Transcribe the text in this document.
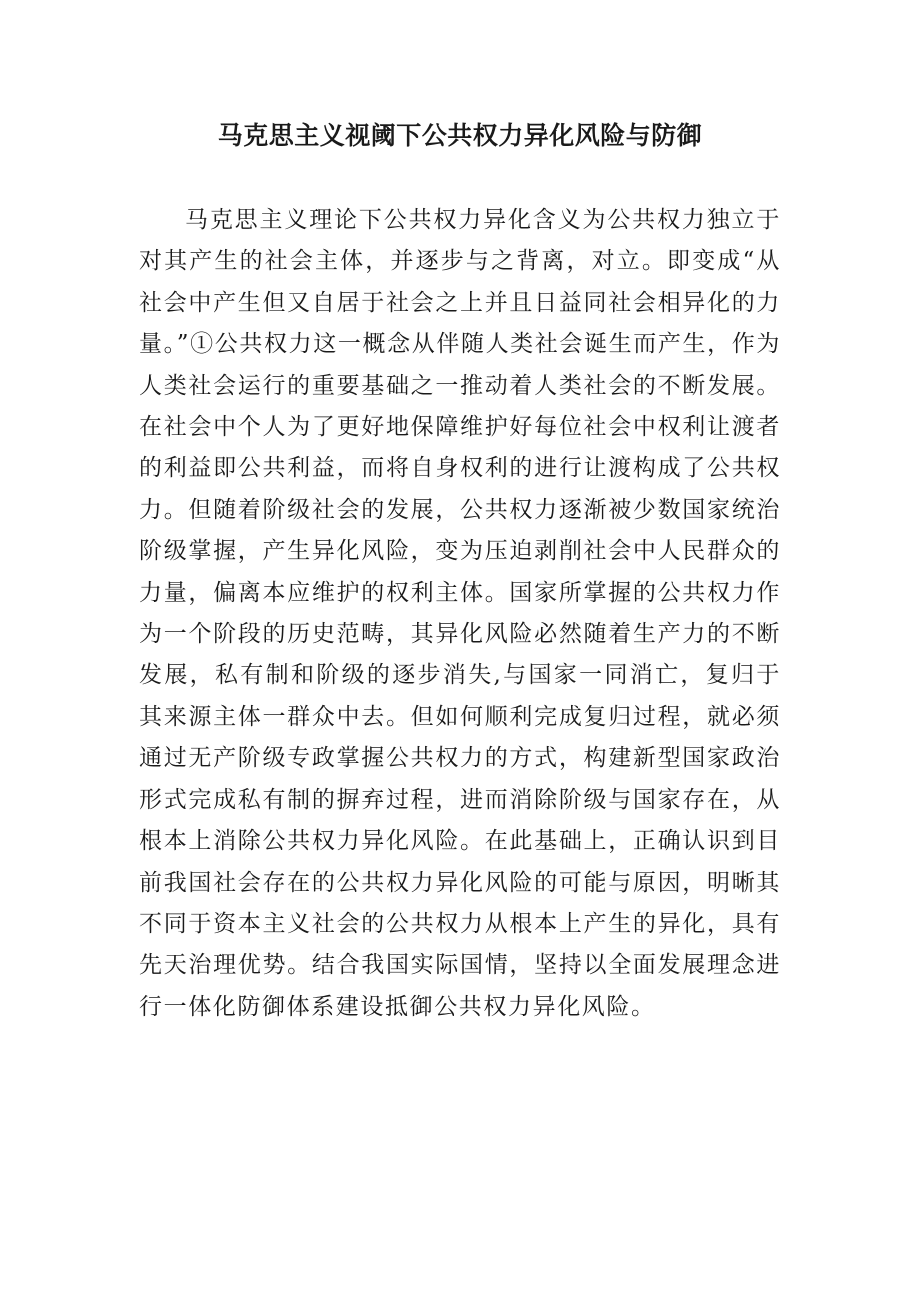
马克思主义视阈下公共权力异化风险与防御

马克思主义理论下公共权力异化含义为公共权力独立于对其产生的社会主体，并逐步与之背离，对立。即变成“从社会中产生但又自居于社会之上并且日益同社会相异化的力量。”①公共权力这一概念从伴随人类社会诞生而产生，作为人类社会运行的重要基础之一推动着人类社会的不断发展。在社会中个人为了更好地保障维护好每位社会中权利让渡者的利益即公共利益，而将自身权利的进行让渡构成了公共权力。但随着阶级社会的发展，公共权力逐渐被少数国家统治阶级掌握，产生异化风险，变为压迫剥削社会中人民群众的力量，偏离本应维护的权利主体。国家所掌握的公共权力作为一个阶段的历史范畴，其异化风险必然随着生产力的不断发展，私有制和阶级的逐步消失,与国家一同消亡，复归于其来源主体一群众中去。但如何顺利完成复归过程，就必须通过无产阶级专政掌握公共权力的方式，构建新型国家政治形式完成私有制的摒弃过程，进而消除阶级与国家存在，从根本上消除公共权力异化风险。在此基础上，正确认识到目前我国社会存在的公共权力异化风险的可能与原因，明晰其不同于资本主义社会的公共权力从根本上产生的异化，具有先天治理优势。结合我国实际国情，坚持以全面发展理念进行一体化防御体系建设抵御公共权力异化风险。
